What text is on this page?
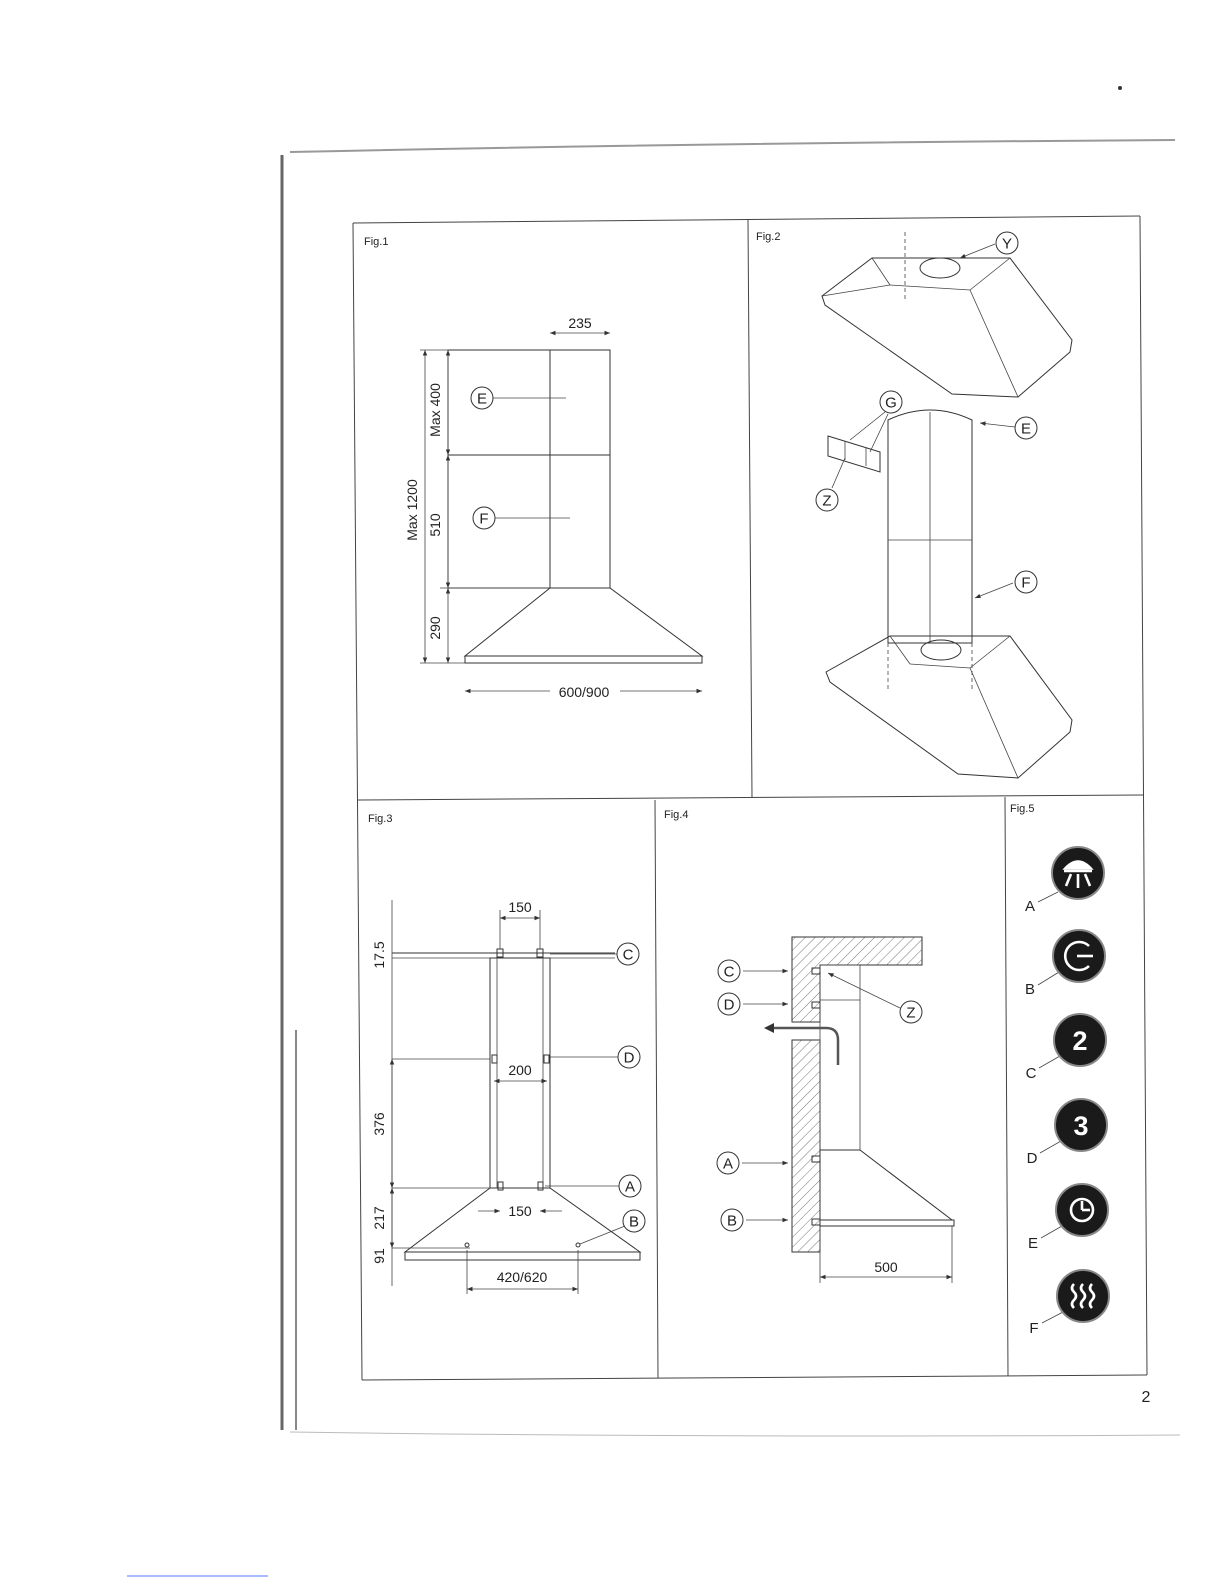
Fig.1
235
600/900
Max 1200
Max 400
510
290
E
F
Fig.2	Y
E
F
G
Z
Fig.3
150
200
150
420/620
17.5
376
217
91
C
D
A
B
Fig.4
500
C
D	Z
A
B
Fig.5
A
B
C
2
D
3
E
F
2
